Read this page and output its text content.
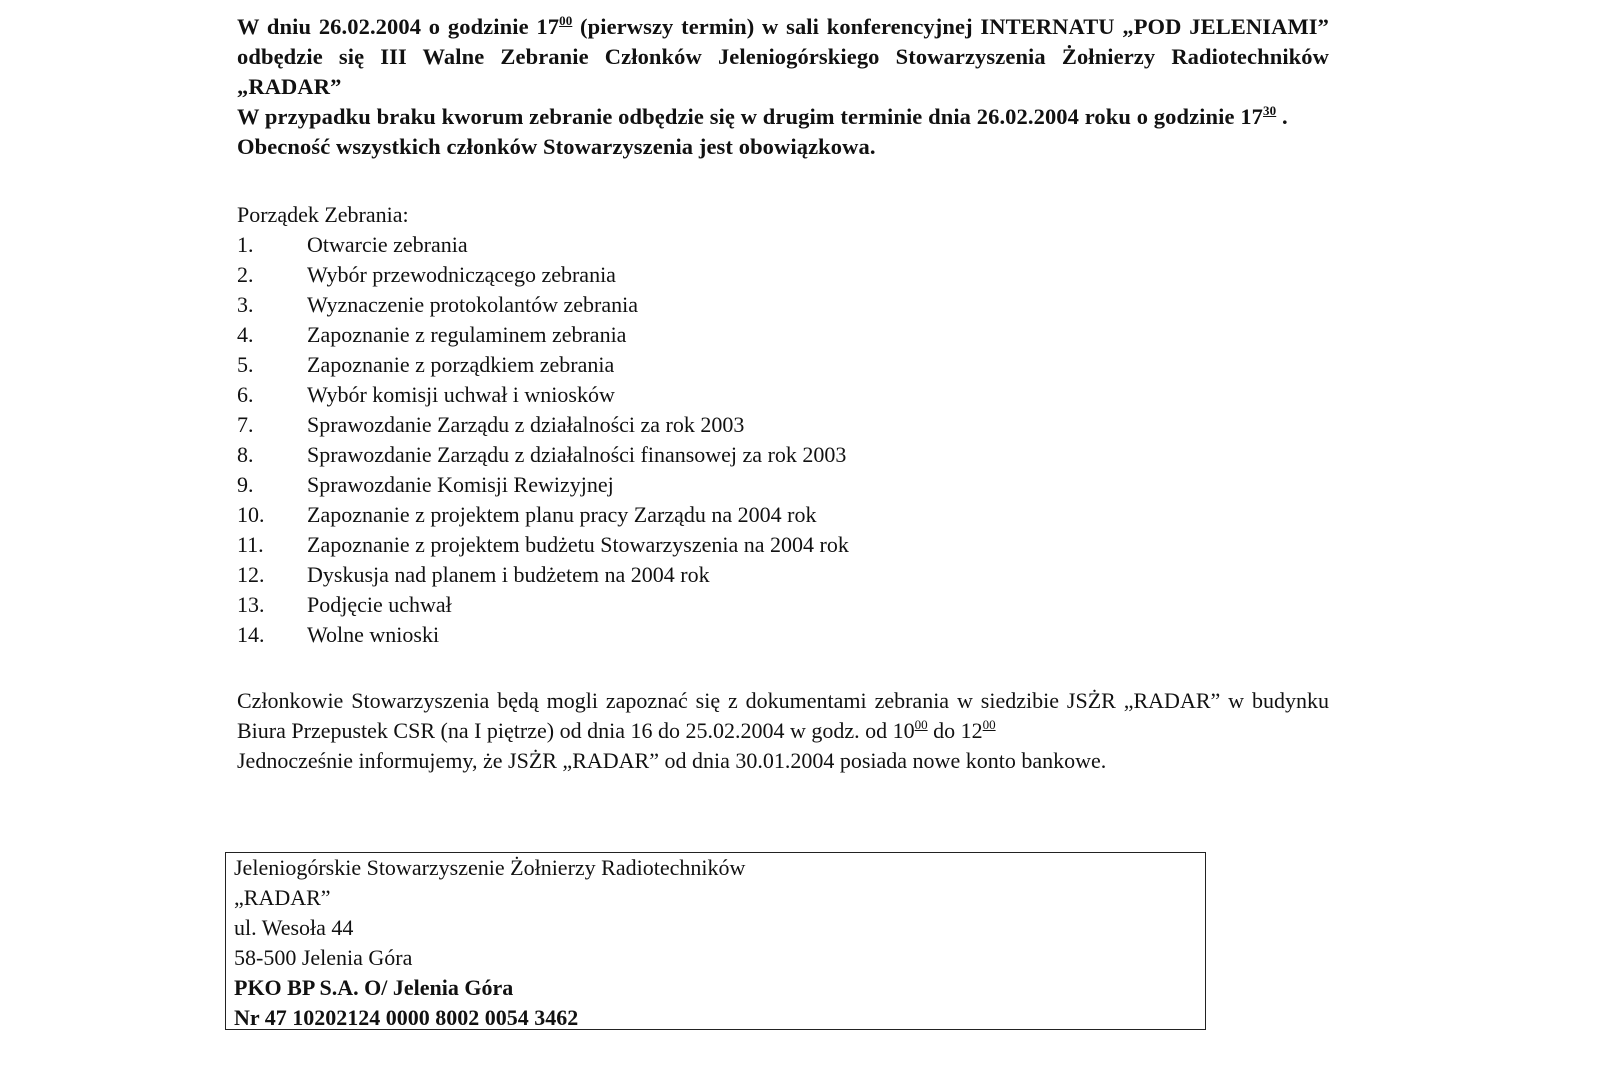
W dniu 26.02.2004 o godzinie $17^{00}$ (pierwszy termin) w sali konferencyjnej INTERNATU „POD JELENIAMI” odbędzie się III Walne Zebranie Członków Jeleniogórskiego Stowarzyszenia Żołnierzy Radiotechników „RADAR”

W przypadku braku kworum zebranie odbędzie się w drugim terminie dnia 26.02.2004 roku o godzinie $17^{30}$ .

Obecność wszystkich członków Stowarzyszenia jest obowiązkowa.

Porządek Zebrania:
1.	Otwarcie zebrania
2.	Wybór przewodniczącego zebrania
3.	Wyznaczenie protokolantów zebrania
4.	Zapoznanie z regulaminem zebrania
5.	Zapoznanie z porządkiem zebrania
6.	Wybór komisji uchwał i wniosków
7.	Sprawozdanie Zarządu z działalności za rok 2003
8.	Sprawozdanie Zarządu z działalności finansowej za rok 2003
9.	Sprawozdanie Komisji Rewizyjnej
10.	Zapoznanie z projektem planu pracy Zarządu na 2004 rok
11.	Zapoznanie z projektem budżetu Stowarzyszenia na 2004 rok
12.	Dyskusja nad planem i budżetem na 2004 rok
13.	Podjęcie uchwał
14.	Wolne wnioski

Członkowie Stowarzyszenia będą mogli zapoznać się z dokumentami zebrania w siedzibie JSŻR „RADAR” w budynku Biura Przepustek CSR (na I piętrze) od dnia 16 do 25.02.2004 w godz. od $10^{00}$ do $12^{00}$

Jednocześnie informujemy, że JSŻR „RADAR” od dnia 30.01.2004 posiada nowe konto bankowe.

Jeleniogórskie Stowarzyszenie Żołnierzy Radiotechników
„RADAR”
ul. Wesoła 44
58-500 Jelenia Góra
PKO BP S.A. O/ Jelenia Góra
Nr 47 10202124 0000 8002 0054 3462
